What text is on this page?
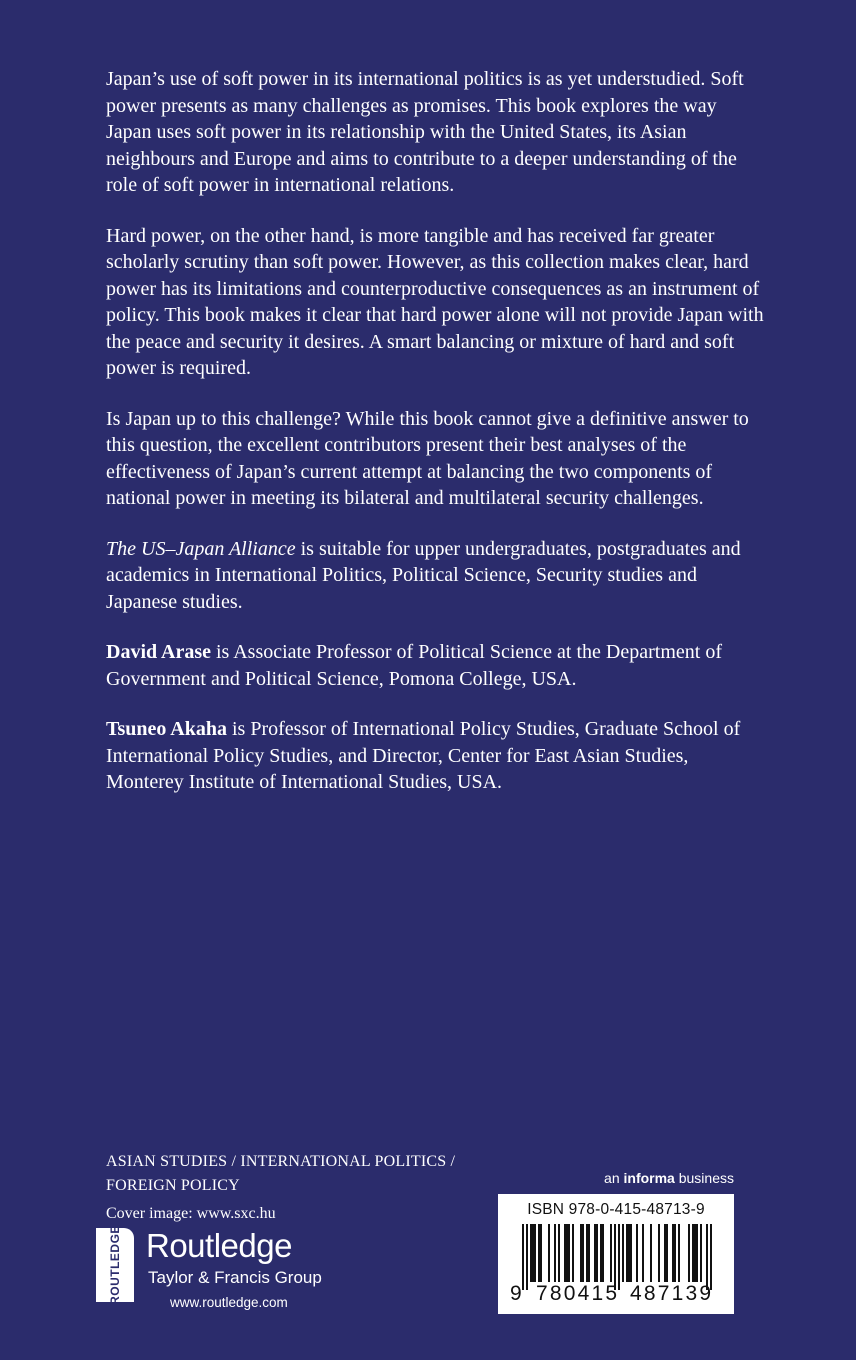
Japan’s use of soft power in its international politics is as yet understudied. Soft power presents as many challenges as promises. This book explores the way Japan uses soft power in its relationship with the United States, its Asian neighbours and Europe and aims to contribute to a deeper understanding of the role of soft power in international relations.

Hard power, on the other hand, is more tangible and has received far greater scholarly scrutiny than soft power. However, as this collection makes clear, hard power has its limitations and counterproductive consequences as an instrument of policy. This book makes it clear that hard power alone will not provide Japan with the peace and security it desires. A smart balancing or mixture of hard and soft power is required.

Is Japan up to this challenge? While this book cannot give a definitive answer to this question, the excellent contributors present their best analyses of the effectiveness of Japan’s current attempt at balancing the two components of national power in meeting its bilateral and multilateral security challenges.

The US–Japan Alliance is suitable for upper undergraduates, postgraduates and academics in International Politics, Political Science, Security studies and Japanese studies.

David Arase is Associate Professor of Political Science at the Department of Government and Political Science, Pomona College, USA.

Tsuneo Akaha is Professor of International Policy Studies, Graduate School of International Policy Studies, and Director, Center for East Asian Studies, Monterey Institute of International Studies, USA.

ASIAN STUDIES / INTERNATIONAL POLITICS / FOREIGN POLICY
Cover image: www.sxc.hu
ROUTLEDGE Routledge
Taylor & Francis Group
www.routledge.com
an informa business
ISBN 978-0-415-48713-9
9 780415 487139
